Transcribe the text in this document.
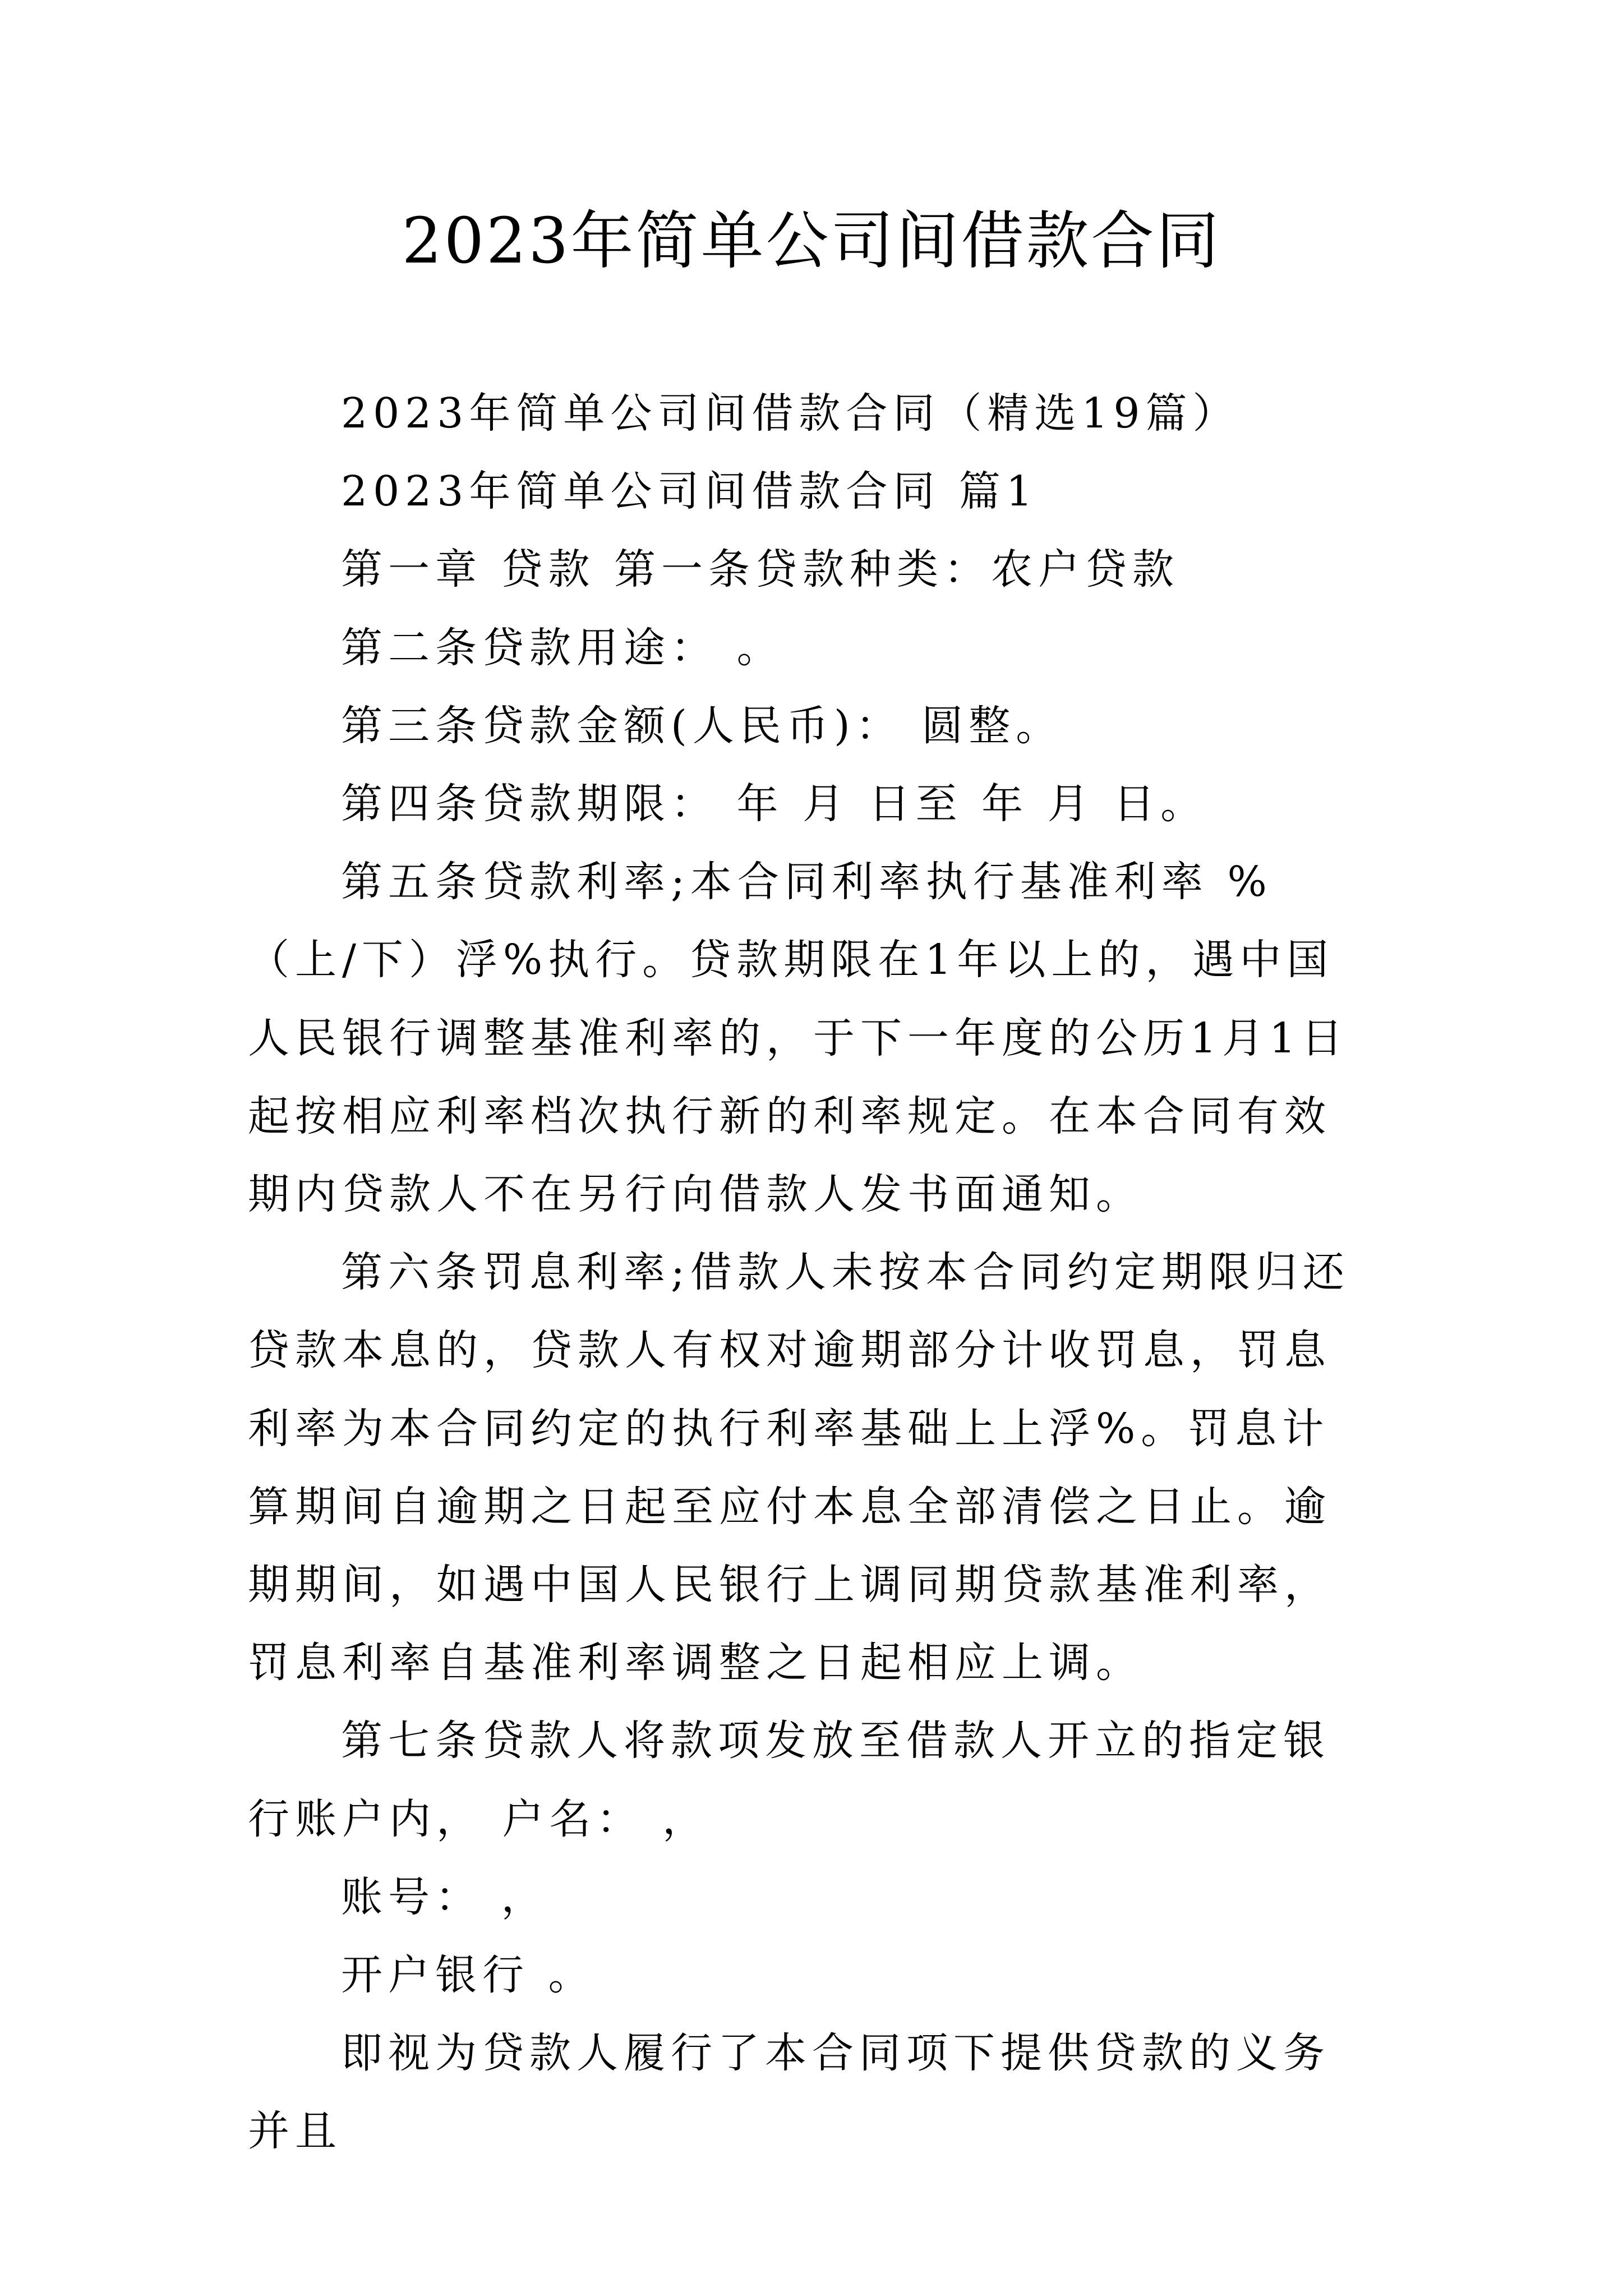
2023年简单公司间借款合同

2023年简单公司间借款合同（精选19篇）

2023年简单公司间借款合同 篇1

第一章 贷款 第一条贷款种类：农户贷款

第二条贷款用途： 。

第三条贷款金额(人民币)： 圆整。

第四条贷款期限： 年 月 日至 年 月 日。

第五条贷款利率;本合同利率执行基准利率 %（上/下）浮%执行。贷款期限在1年以上的，遇中国人民银行调整基准利率的，于下一年度的公历1月1日起按相应利率档次执行新的利率规定。在本合同有效期内贷款人不在另行向借款人发书面通知。

第六条罚息利率;借款人未按本合同约定期限归还贷款本息的，贷款人有权对逾期部分计收罚息，罚息利率为本合同约定的执行利率基础上上浮%。罚息计算期间自逾期之日起至应付本息全部清偿之日止。逾期期间，如遇中国人民银行上调同期贷款基准利率，罚息利率自基准利率调整之日起相应上调。

第七条贷款人将款项发放至借款人开立的指定银行账户内， 户名： ，

账号： ，

开户银行 。

即视为贷款人履行了本合同项下提供贷款的义务并且
